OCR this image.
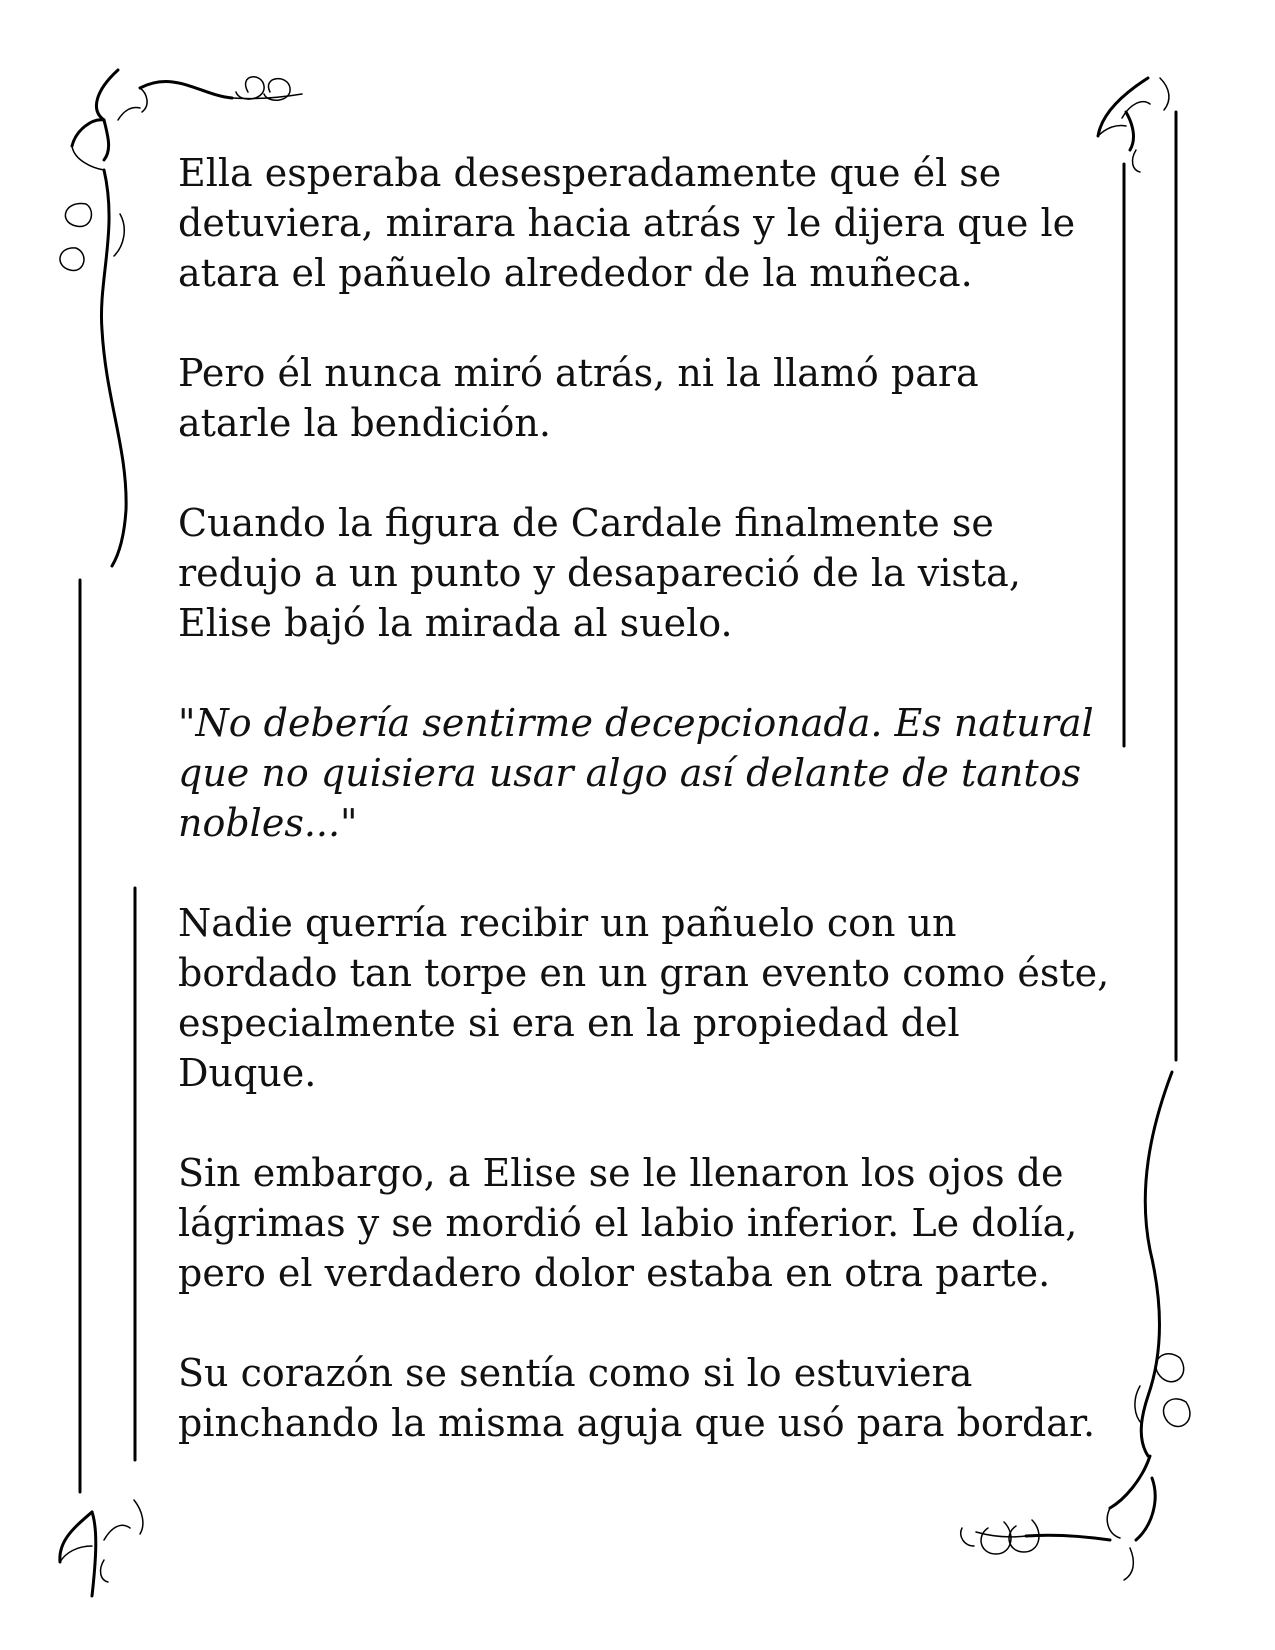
Ella esperaba desesperadamente que él se
detuviera, mirara hacia atrás y le dijera que le
atara el pañuelo alrededor de la muñeca.

Pero él nunca miró atrás, ni la llamó para
atarle la bendición.

Cuando la figura de Cardale finalmente se
redujo a un punto y desapareció de la vista,
Elise bajó la mirada al suelo.

"No debería sentirme decepcionada. Es natural
que no quisiera usar algo así delante de tantos
nobles..."

Nadie querría recibir un pañuelo con un
bordado tan torpe en un gran evento como éste,
especialmente si era en la propiedad del
Duque.

Sin embargo, a Elise se le llenaron los ojos de
lágrimas y se mordió el labio inferior. Le dolía,
pero el verdadero dolor estaba en otra parte.

Su corazón se sentía como si lo estuviera
pinchando la misma aguja que usó para bordar.
